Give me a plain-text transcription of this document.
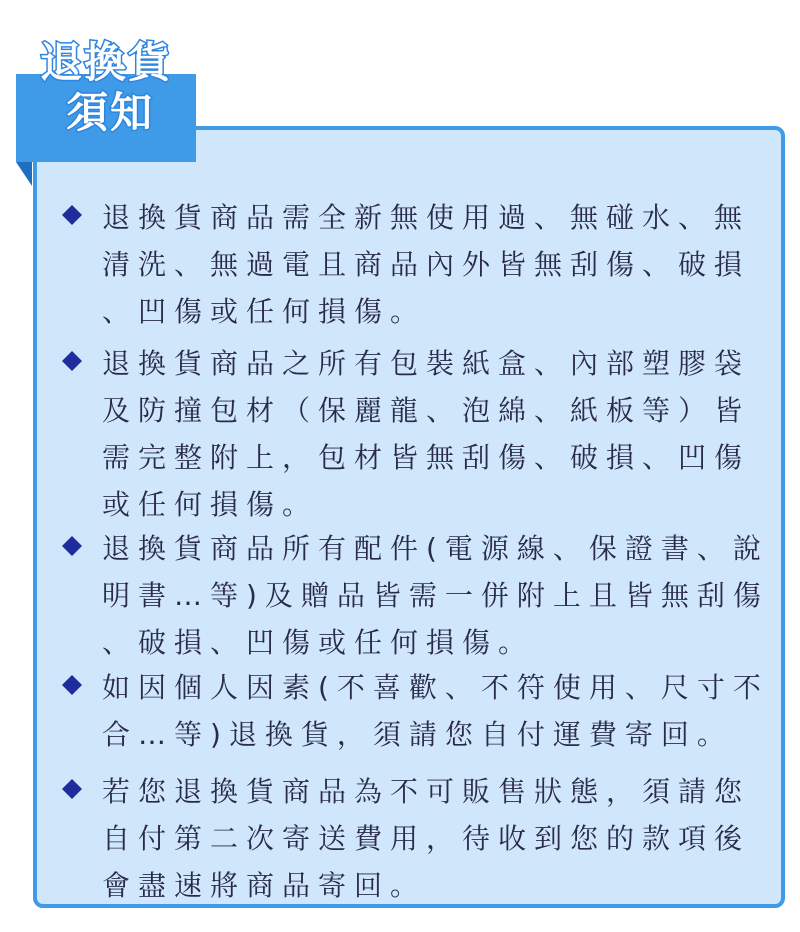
退換貨
須知
退換貨商品需全新無使用過、無碰水、無
清洗、無過電且商品內外皆無刮傷、破損
、凹傷或任何損傷。
退換貨商品之所有包裝紙盒、內部塑膠袋
及防撞包材（保麗龍、泡綿、紙板等）皆
需完整附上，包材皆無刮傷、破損、凹傷
或任何損傷。
退換貨商品所有配件(電源線、保證書、說
明書…等)及贈品皆需一併附上且皆無刮傷
、破損、凹傷或任何損傷。
如因個人因素(不喜歡、不符使用、尺寸不
合…等)退換貨，須請您自付運費寄回。
若您退換貨商品為不可販售狀態，須請您
自付第二次寄送費用，待收到您的款項後
會盡速將商品寄回。
